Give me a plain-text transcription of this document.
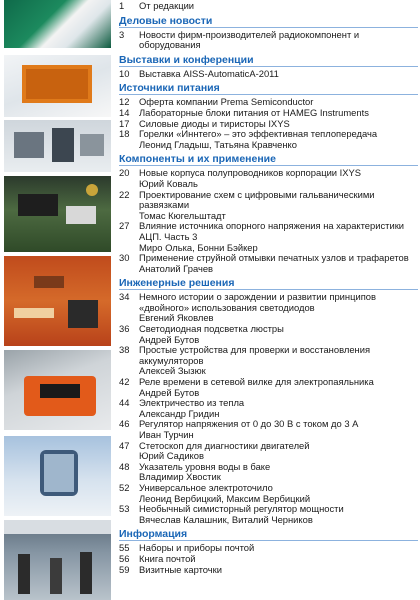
1	От редакции
Деловые новости
3	Новости фирм-производителей радиокомпонент и оборудования
Выставки и конференции
10	Выставка AISS-AutomaticA-2011
Источники питания
12	Оферта компании Prema Semiconductor
14	Лабораторные блоки питания от HAMEG Instruments
17	Силовые диоды и тиристоры IXYS
18	Горелки «Иннтего» – это эффективная теплопередача
Леонид Гладыш, Татьяна Кравченко
Компоненты и их применение
20	Новые корпуса полупроводников корпорации IXYS
Юрий Коваль
22	Проектирование схем с цифровыми гальваническими развязками
Томас Кюгельштадт
27	Влияние источника опорного напряжения на характеристики АЦП. Часть 3
Миро Олька, Бонни Бэйкер
30	Применение струйной отмывки печатных узлов и трафаретов
Анатолий Грачев
Инженерные решения
34	Немного истории о зарождении и развитии принципов «двойного» использования светодиодов
Евгений Яковлев
36	Светодиодная подсветка люстры
Андрей Бутов
38	Простые устройства для проверки и восстановления аккумуляторов
Алексей Зызюк
42	Реле времени в сетевой вилке для электропаяльника
Андрей Бутов
44	Электричество из тепла
Александр Гридин
46	Регулятор напряжения от 0 до 30 В с током до 3 А
Иван Турчин
47	Стетоскоп для диагностики двигателей
Юрий Садиков
48	Указатель уровня воды в баке
Владимир Хвостик
52	Универсальное электроточило
Леонид Вербицкий, Максим Вербицкий
53	Необычный симисторный регулятор мощности
Вячеслав Калашник, Виталий Черников
Информация
55	Наборы и приборы почтой
56	Книга почтой
59	Визитные карточки
